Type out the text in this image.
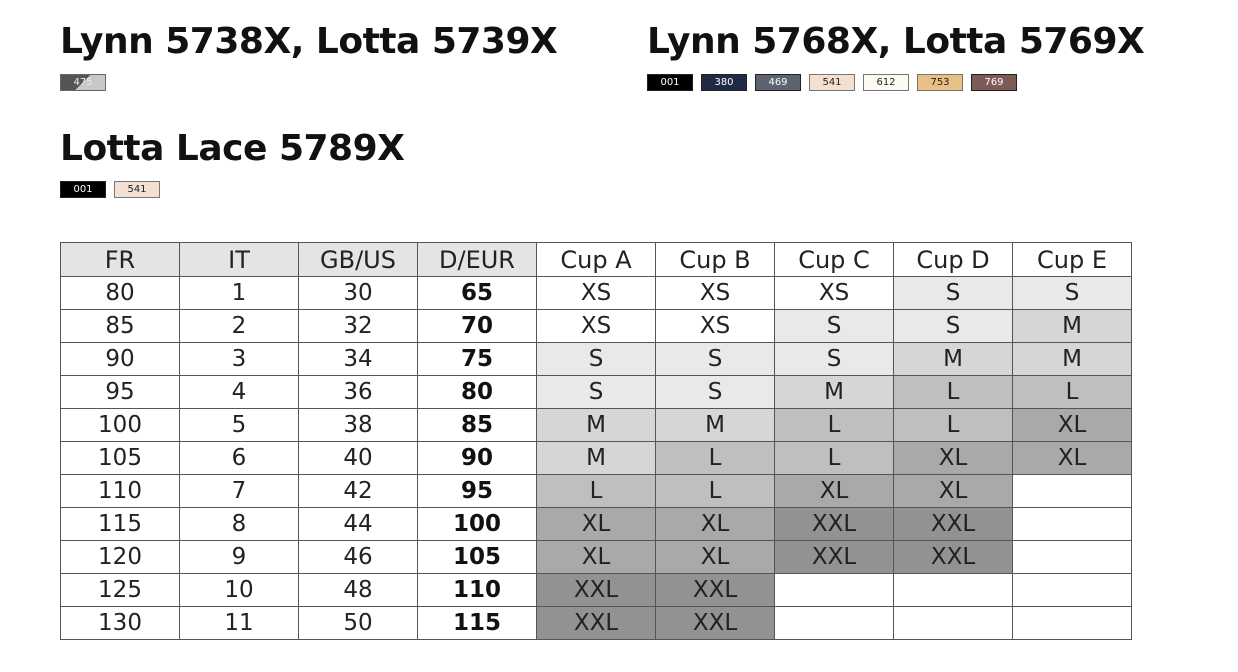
Lynn 5738X, Lotta 5739X
475
Lynn 5768X, Lotta 5769X
001	380	469	541	612	753	769
Lotta Lace 5789X
001	541
FR	IT	GB/US	D/EUR	Cup A	Cup B	Cup C	Cup D	Cup E
80	1	30	65	XS	XS	XS	S	S
85	2	32	70	XS	XS	S	S	M
90	3	34	75	S	S	S	M	M
95	4	36	80	S	S	M	L	L
100	5	38	85	M	M	L	L	XL
105	6	40	90	M	L	L	XL	XL
110	7	42	95	L	L	XL	XL	
115	8	44	100	XL	XL	XXL	XXL	
120	9	46	105	XL	XL	XXL	XXL	
125	10	48	110	XXL	XXL			
130	11	50	115	XXL	XXL			
